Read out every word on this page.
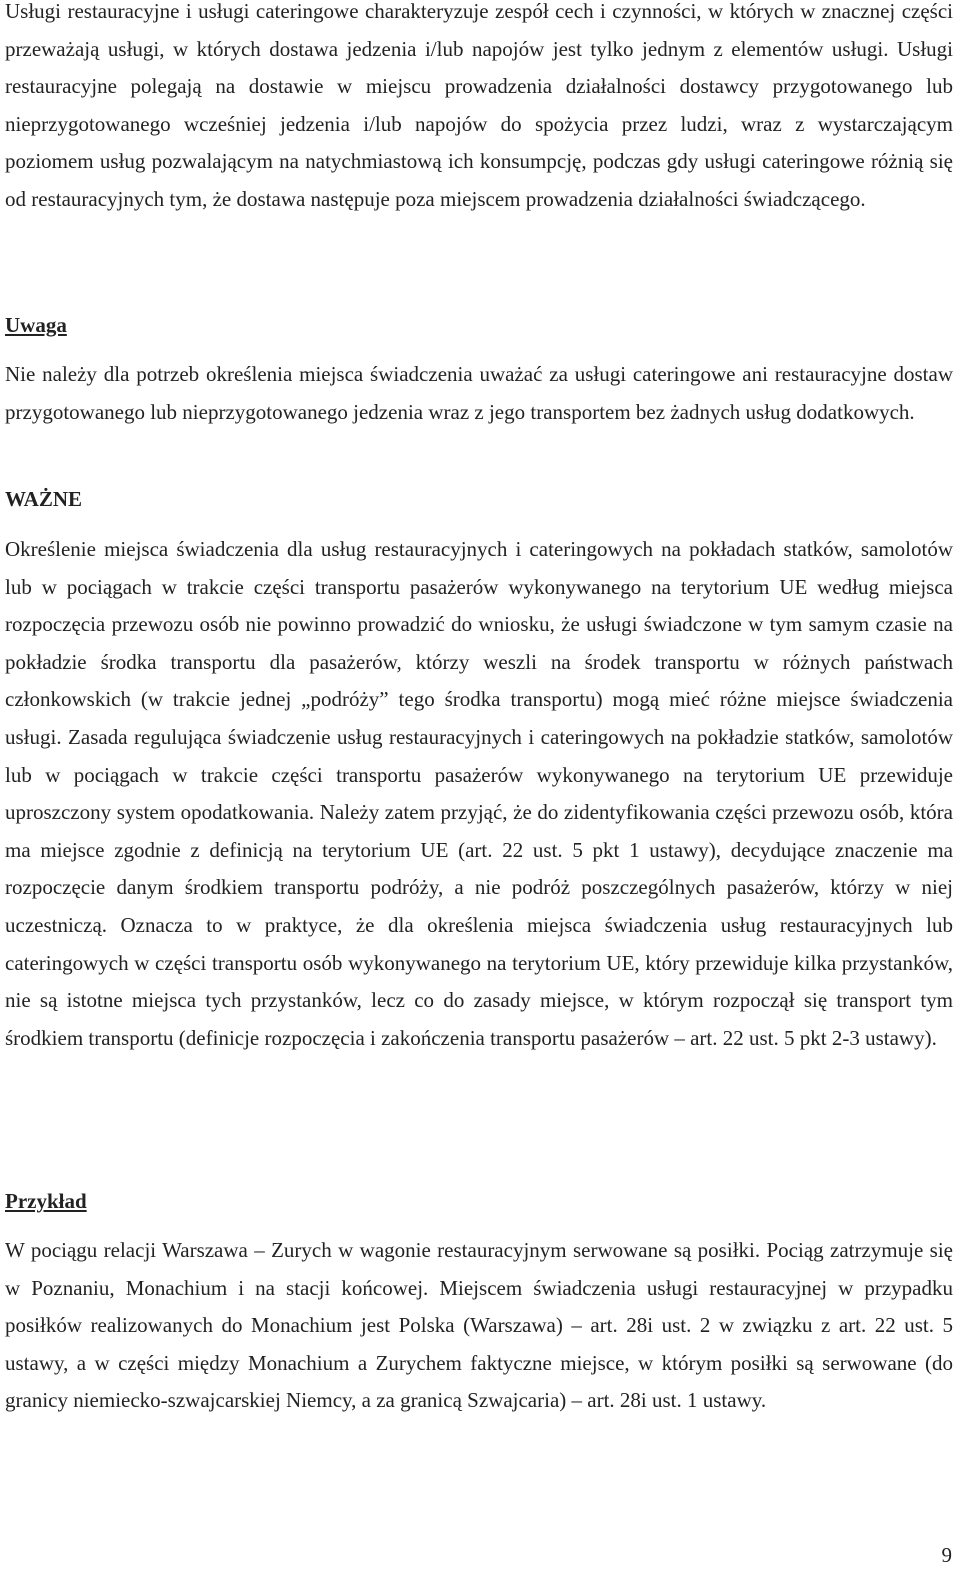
Usługi restauracyjne i usługi cateringowe charakteryzuje zespół cech i czynności, w których w znacznej części przeważają usługi, w których dostawa jedzenia i/lub napojów jest tylko jednym z elementów usługi. Usługi restauracyjne polegają na dostawie w miejscu prowadzenia działalności dostawcy przygotowanego lub nieprzygotowanego wcześniej jedzenia i/lub napojów do spożycia przez ludzi, wraz z wystarczającym poziomem usług pozwalającym na natychmiastową ich konsumpcję, podczas gdy usługi cateringowe różnią się od restauracyjnych tym, że dostawa następuje poza miejscem prowadzenia działalności świadczącego.

Uwaga

Nie należy dla potrzeb określenia miejsca świadczenia uważać za usługi cateringowe ani restauracyjne dostaw przygotowanego lub nieprzygotowanego jedzenia wraz z jego transportem bez żadnych usług dodatkowych.

WAŻNE

Określenie miejsca świadczenia dla usług restauracyjnych i cateringowych na pokładach statków, samolotów lub w pociągach w trakcie części transportu pasażerów wykonywanego na terytorium UE według miejsca rozpoczęcia przewozu osób nie powinno prowadzić do wniosku, że usługi świadczone w tym samym czasie na pokładzie środka transportu dla pasażerów, którzy weszli na środek transportu w różnych państwach członkowskich (w trakcie jednej „podróży” tego środka transportu) mogą mieć różne miejsce świadczenia usługi. Zasada regulująca świadczenie usług restauracyjnych i cateringowych na pokładzie statków, samolotów lub w pociągach w trakcie części transportu pasażerów wykonywanego na terytorium UE przewiduje uproszczony system opodatkowania. Należy zatem przyjąć, że do zidentyfikowania części przewozu osób, która ma miejsce zgodnie z definicją na terytorium UE (art. 22 ust. 5 pkt 1 ustawy), decydujące znaczenie ma rozpoczęcie danym środkiem transportu podróży, a nie podróż poszczególnych pasażerów, którzy w niej uczestniczą. Oznacza to w praktyce, że dla określenia miejsca świadczenia usług restauracyjnych lub cateringowych w części transportu osób wykonywanego na terytorium UE, który przewiduje kilka przystanków, nie są istotne miejsca tych przystanków, lecz co do zasady miejsce, w którym rozpoczął się transport tym środkiem transportu (definicje rozpoczęcia i zakończenia transportu pasażerów – art. 22 ust. 5 pkt 2-3 ustawy).

Przykład

W pociągu relacji Warszawa – Zurych w wagonie restauracyjnym serwowane są posiłki. Pociąg zatrzymuje się w Poznaniu, Monachium i na stacji końcowej. Miejscem świadczenia usługi restauracyjnej w przypadku posiłków realizowanych do Monachium jest Polska (Warszawa) – art. 28i ust. 2 w związku z art. 22 ust. 5 ustawy, a w części między Monachium a Zurychem faktyczne miejsce, w którym posiłki są serwowane (do granicy niemiecko-szwajcarskiej Niemcy, a za granicą Szwajcaria) – art. 28i ust. 1 ustawy.

9
